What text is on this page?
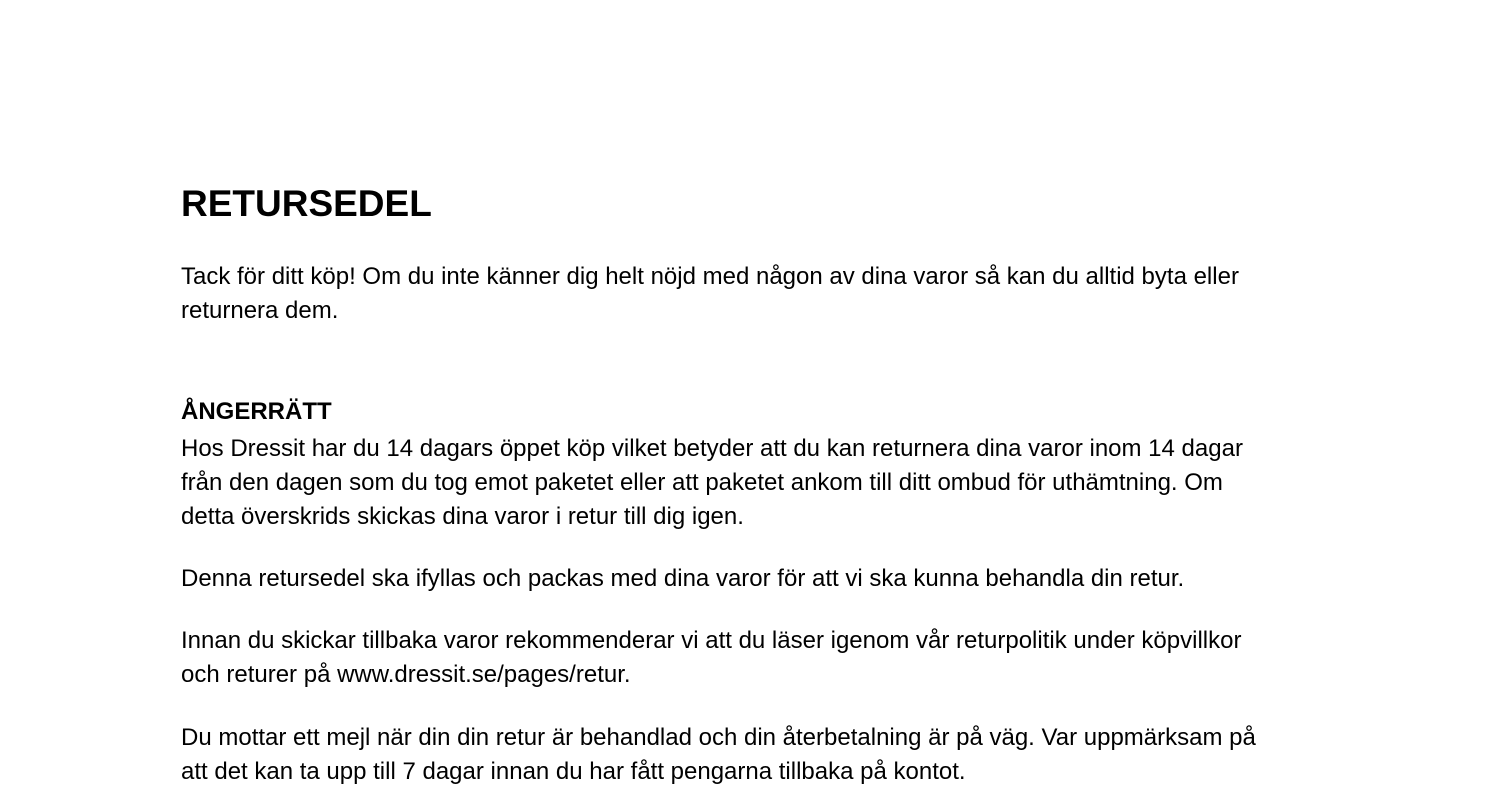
RETURSEDEL
Tack för ditt köp! Om du inte känner dig helt nöjd med någon av dina varor så kan du alltid byta eller
returnera dem.
ÅNGERRÄTT
Hos Dressit har du 14 dagars öppet köp vilket betyder att du kan returnera dina varor inom 14 dagar
från den dagen som du tog emot paketet eller att paketet ankom till ditt ombud för uthämtning. Om
detta överskrids skickas dina varor i retur till dig igen.
Denna retursedel ska ifyllas och packas med dina varor för att vi ska kunna behandla din retur.
Innan du skickar tillbaka varor rekommenderar vi att du läser igenom vår returpolitik under köpvillkor
och returer på www.dressit.se/pages/retur.
Du mottar ett mejl när din din retur är behandlad och din återbetalning är på väg. Var uppmärksam på
att det kan ta upp till 7 dagar innan du har fått pengarna tillbaka på kontot.
